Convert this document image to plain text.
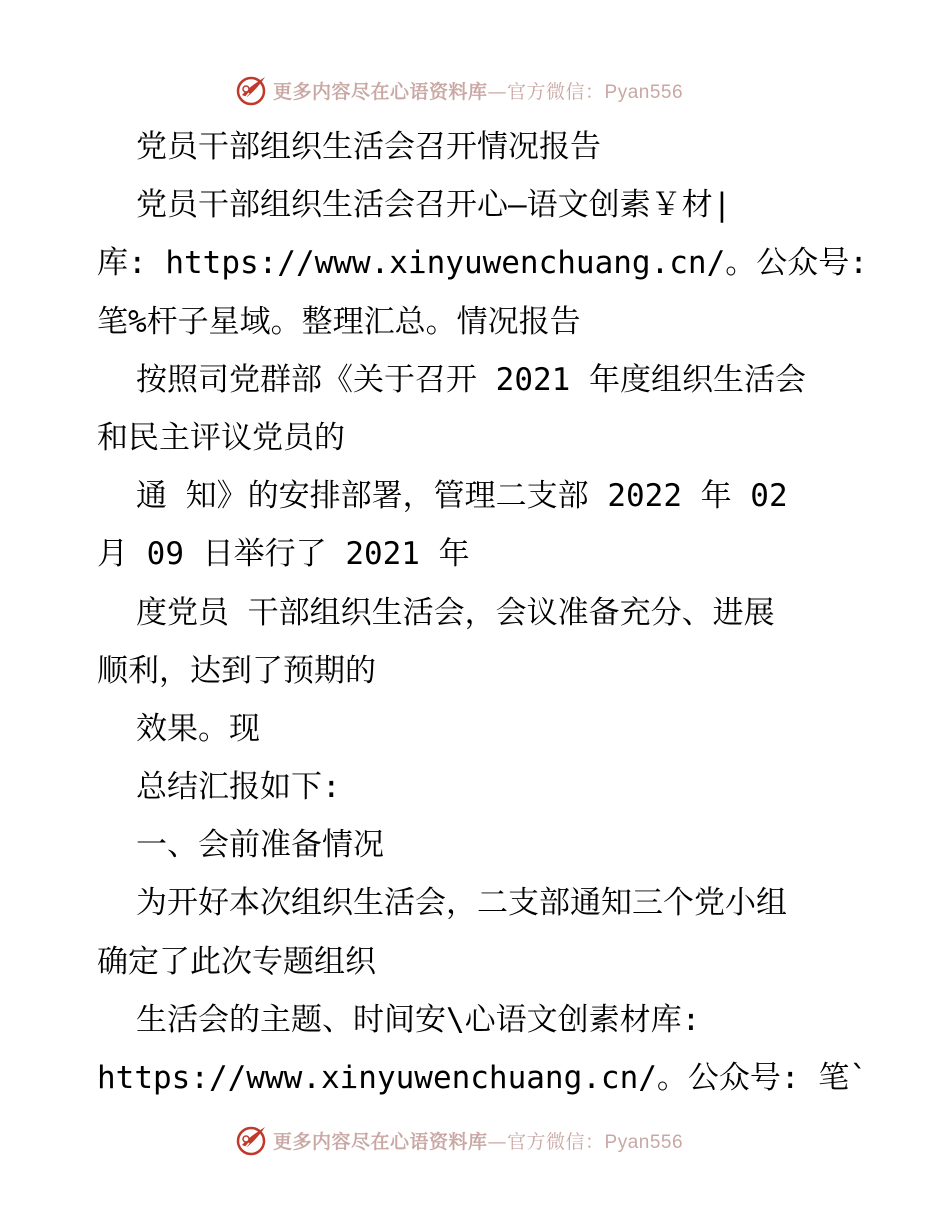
更多内容尽在心语资料库—官方微信：Pyan556
党员干部组织生活会召开情况报告
党员干部组织生活会召开心—语文创素￥材|
库: https://www.xinyuwenchuang.cn/。公众号:
笔%杆子星域。整理汇总。情况报告
按照司党群部《关于召开 2021 年度组织生活会
和民主评议党员的
通 知》的安排部署，管理二支部 2022 年 02
月 09 日举行了 2021 年
度党员 干部组织生活会，会议准备充分、进展
顺利，达到了预期的
效果。现
总结汇报如下:
一、会前准备情况
为开好本次组织生活会，二支部通知三个党小组
确定了此次专题组织
生活会的主题、时间安\心语文创素材库:
https://www.xinyuwenchuang.cn/。公众号: 笔`
更多内容尽在心语资料库—官方微信：Pyan556
